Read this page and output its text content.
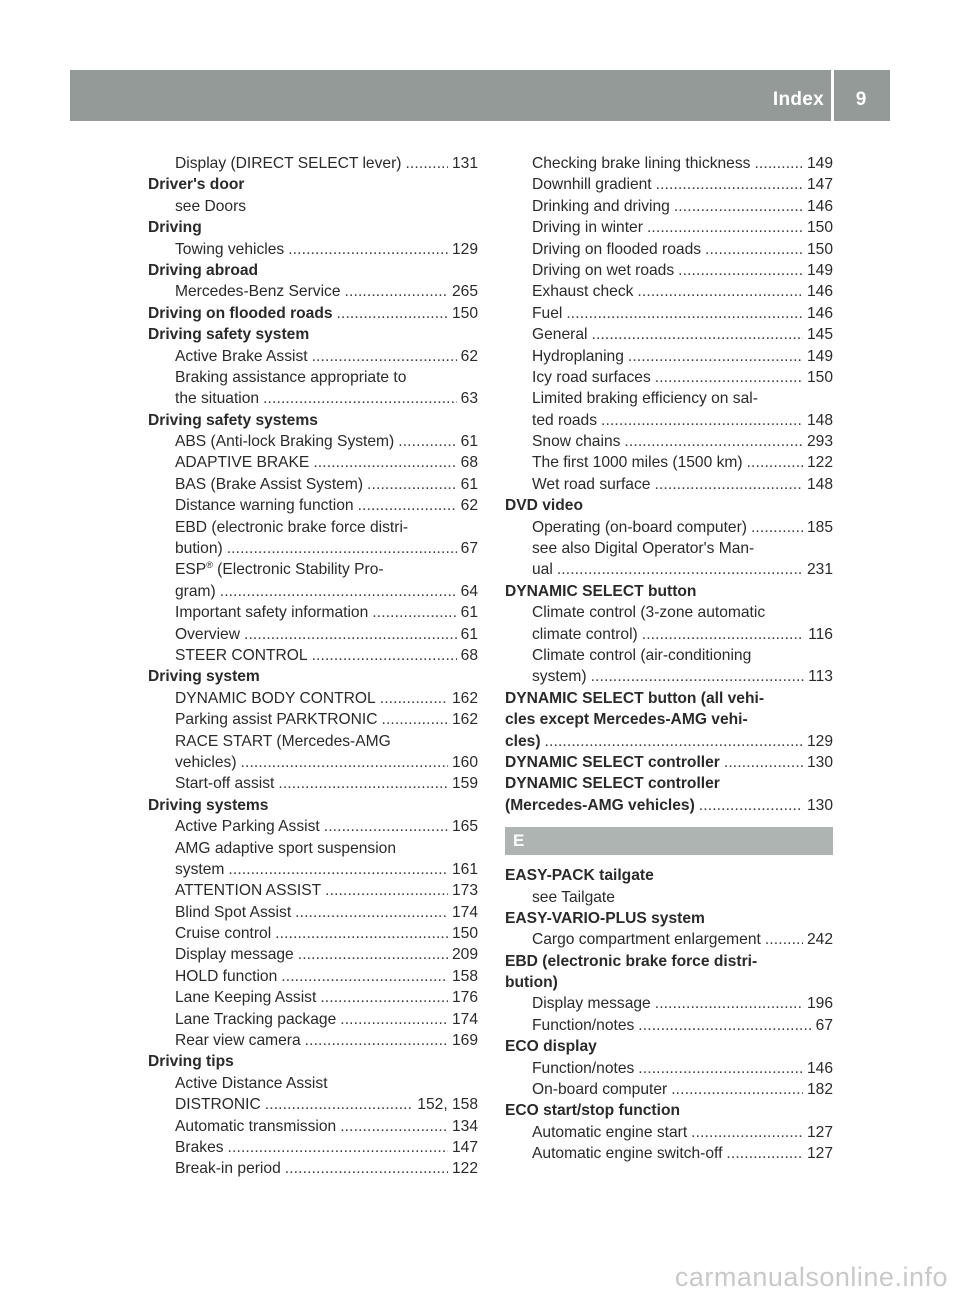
Index	9
Display (DIRECT SELECT lever) . . .	131
Driver's door
see Doors
Driving
Towing vehicles . . .	129
Driving abroad
Mercedes-Benz Service . . .	265
Driving on flooded roads . . .	150
Driving safety system
Active Brake Assist . . .	62
Braking assistance appropriate to
the situation . . .	63
Driving safety systems
ABS (Anti-lock Braking System) . . .	61
ADAPTIVE BRAKE . . .	68
BAS (Brake Assist System) . . .	61
Distance warning function . . .	62
EBD (electronic brake force distri-
bution) . . .	67
ESP® (Electronic Stability Pro-
gram) . . .	64
Important safety information . . .	61
Overview . . .	61
STEER CONTROL . . .	68
Driving system
DYNAMIC BODY CONTROL . . .	162
Parking assist PARKTRONIC . . .	162
RACE START (Mercedes-AMG
vehicles) . . .	160
Start-off assist . . .	159
Driving systems
Active Parking Assist . . .	165
AMG adaptive sport suspension
system . . .	161
ATTENTION ASSIST . . .	173
Blind Spot Assist . . .	174
Cruise control . . .	150
Display message . . .	209
HOLD function . . .	158
Lane Keeping Assist . . .	176
Lane Tracking package . . .	174
Rear view camera . . .	169
Driving tips
Active Distance Assist
DISTRONIC . . .	152, 158
Automatic transmission . . .	134
Brakes . . .	147
Break-in period . . .	122
Checking brake lining thickness . . .	149
Downhill gradient . . .	147
Drinking and driving . . .	146
Driving in winter . . .	150
Driving on flooded roads . . .	150
Driving on wet roads . . .	149
Exhaust check . . .	146
Fuel . . .	146
General . . .	145
Hydroplaning . . .	149
Icy road surfaces . . .	150
Limited braking efficiency on sal-
ted roads . . .	148
Snow chains . . .	293
The first 1000 miles (1500 km) . . .	122
Wet road surface . . .	148
DVD video
Operating (on-board computer) . . .	185
see also Digital Operator's Man-
ual . . .	231
DYNAMIC SELECT button
Climate control (3-zone automatic
climate control) . . .	116
Climate control (air-conditioning
system) . . .	113
DYNAMIC SELECT button (all vehi-
cles except Mercedes-AMG vehi-
cles) . . .	129
DYNAMIC SELECT controller . . .	130
DYNAMIC SELECT controller
(Mercedes-AMG vehicles) . . .	130
E
EASY-PACK tailgate
see Tailgate
EASY-VARIO-PLUS system
Cargo compartment enlargement . . .	242
EBD (electronic brake force distri-
bution)
Display message . . .	196
Function/notes . . .	67
ECO display
Function/notes . . .	146
On-board computer . . .	182
ECO start/stop function
Automatic engine start . . .	127
Automatic engine switch-off . . .	127
carmanualsonline.info
